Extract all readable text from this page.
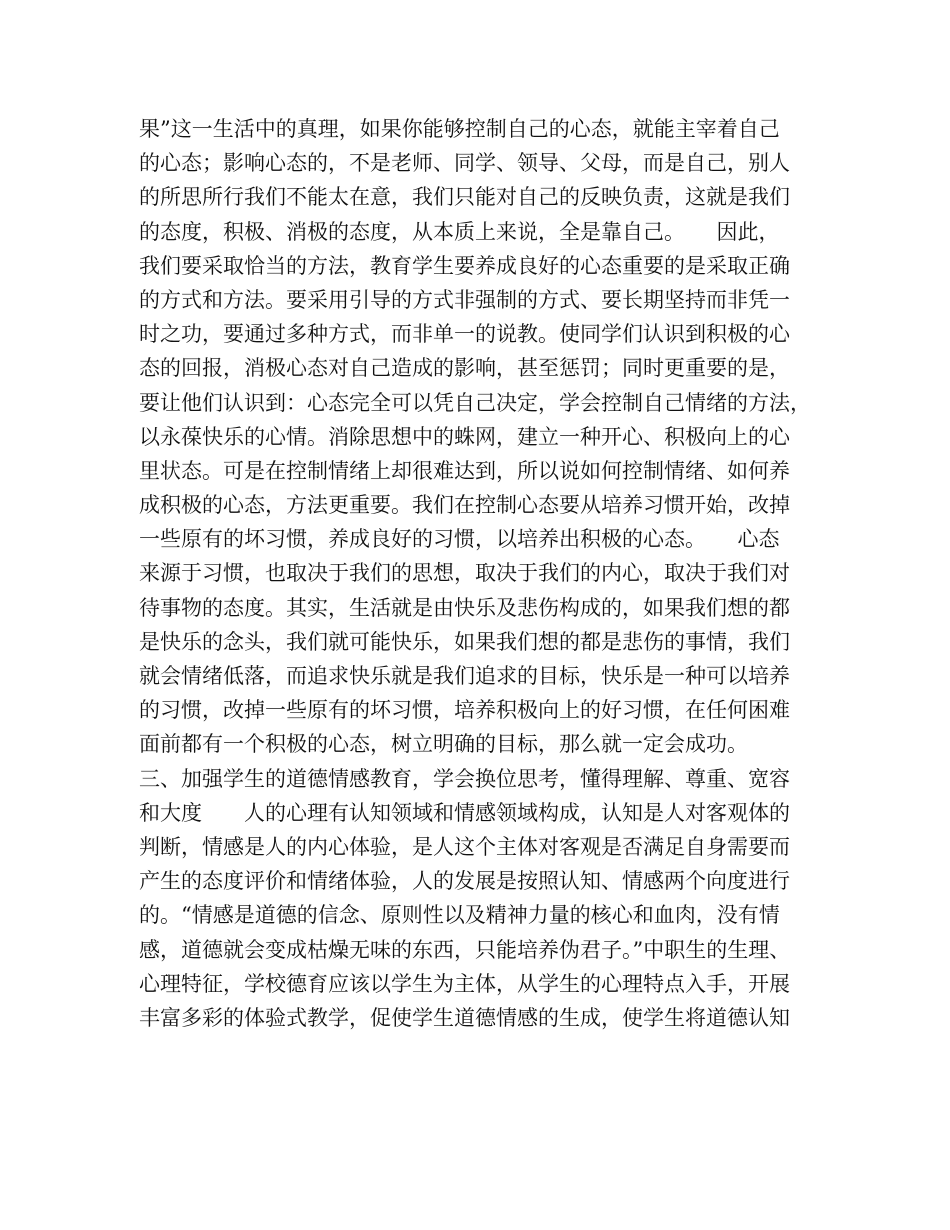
果”这一生活中的真理，如果你能够控制自己的心态，就能主宰着自己
的心态；影响心态的，不是老师、同学、领导、父母，而是自己，别人
的所思所行我们不能太在意，我们只能对自己的反映负责，这就是我们
的态度，积极、消极的态度，从本质上来说，全是靠自己。　　因此，
我们要采取恰当的方法，教育学生要养成良好的心态重要的是采取正确
的方式和方法。要采用引导的方式非强制的方式、要长期坚持而非凭一
时之功，要通过多种方式，而非单一的说教。使同学们认识到积极的心
态的回报，消极心态对自己造成的影响，甚至惩罚；同时更重要的是，
要让他们认识到：心态完全可以凭自己决定，学会控制自己情绪的方法，
以永葆快乐的心情。消除思想中的蛛网，建立一种开心、积极向上的心
里状态。可是在控制情绪上却很难达到，所以说如何控制情绪、如何养
成积极的心态，方法更重要。我们在控制心态要从培养习惯开始，改掉
一些原有的坏习惯，养成良好的习惯，以培养出积极的心态。　　心态
来源于习惯，也取决于我们的思想，取决于我们的内心，取决于我们对
待事物的态度。其实，生活就是由快乐及悲伤构成的，如果我们想的都
是快乐的念头，我们就可能快乐，如果我们想的都是悲伤的事情，我们
就会情绪低落，而追求快乐就是我们追求的目标，快乐是一种可以培养
的习惯，改掉一些原有的坏习惯，培养积极向上的好习惯，在任何困难
面前都有一个积极的心态，树立明确的目标，那么就一定会成功。
三、加强学生的道德情感教育，学会换位思考，懂得理解、尊重、宽容
和大度　　人的心理有认知领域和情感领域构成，认知是人对客观体的
判断，情感是人的内心体验，是人这个主体对客观是否满足自身需要而
产生的态度评价和情绪体验，人的发展是按照认知、情感两个向度进行
的。“情感是道德的信念、原则性以及精神力量的核心和血肉，没有情
感，道德就会变成枯燥无味的东西，只能培养伪君子。”中职生的生理、
心理特征，学校德育应该以学生为主体，从学生的心理特点入手，开展
丰富多彩的体验式教学，促使学生道德情感的生成，使学生将道德认知
